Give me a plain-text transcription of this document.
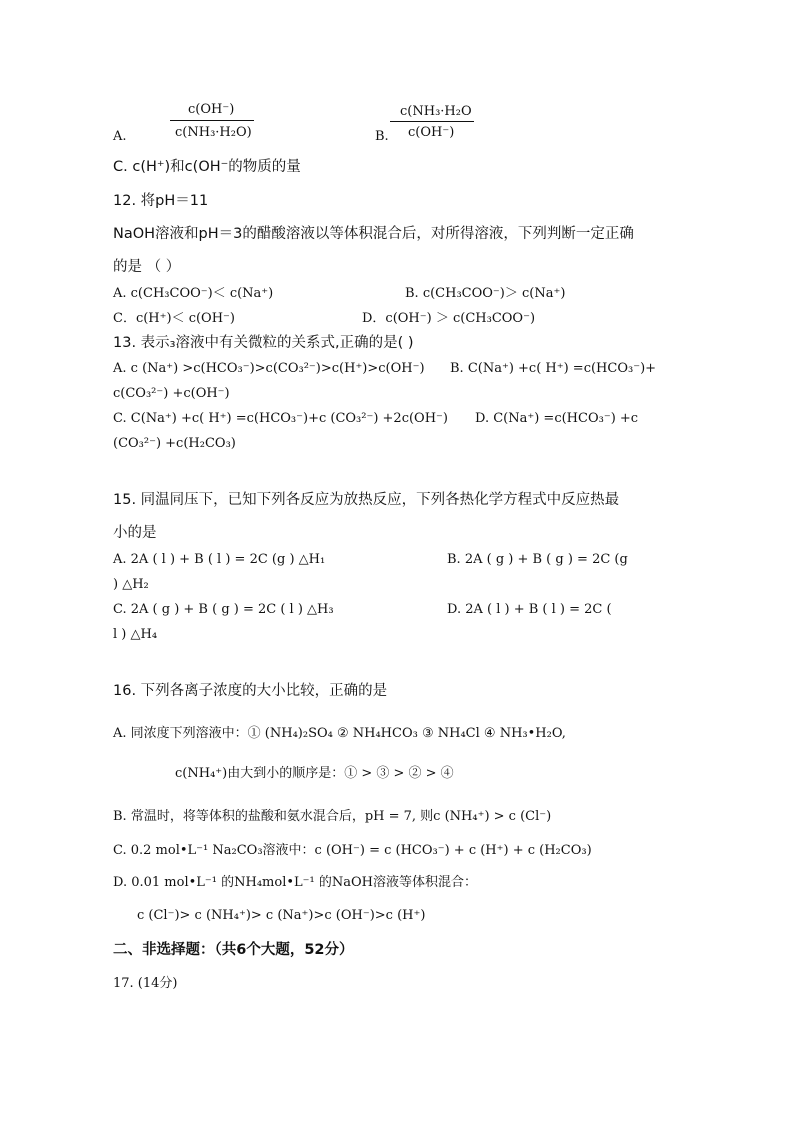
c(OH⁻)
A.	c(NH₃·H₂O)
c(NH₃·H₂O
B. c(OH⁻)
C. c(H⁺)和c(OH⁻的物质的量
12. 将pH＝11
NaOH溶液和pH＝3的醋酸溶液以等体积混合后，对所得溶液，下列判断一定正确
的是 （ ）
A. c(CH₃COO⁻)＜ c(Na⁺)	B. c(CH₃COO⁻)＞ c(Na⁺)
C．c(H⁺)＜ c(OH⁻)	D．c(OH⁻) ＞ c(CH₃COO⁻)
13. 表示₃溶液中有关微粒的关系式,正确的是( )
A. c (Na⁺) >c(HCO₃⁻)>c(CO₃²⁻)>c(H⁺)>c(OH⁻) B. C(Na⁺) +c( H⁺) =c(HCO₃⁻)+
c(CO₃²⁻) +c(OH⁻)
C. C(Na⁺) +c( H⁺) =c(HCO₃⁻)+c (CO₃²⁻) +2c(OH⁻) D. C(Na⁺) =c(HCO₃⁻) +c
(CO₃²⁻) +c(H₂CO₃)
15. 同温同压下，已知下列各反应为放热反应，下列各热化学方程式中反应热最
小的是
A. 2A ( l ) + B ( l ) = 2C (g ) △H₁	B. 2A ( g ) + B ( g ) = 2C (g
) △H₂
C. 2A ( g ) + B ( g ) = 2C ( l ) △H₃	D. 2A ( l ) + B ( l ) = 2C (
l ) △H₄
16. 下列各离子浓度的大小比较，正确的是
A. 同浓度下列溶液中：① (NH₄)₂SO₄ ② NH₄HCO₃ ③ NH₄Cl ④ NH₃•H₂O,
c(NH₄⁺)由大到小的顺序是：① > ③ > ② > ④
B. 常温时，将等体积的盐酸和氨水混合后，pH = 7, 则c (NH₄⁺) > c (Cl⁻)
C. 0.2 mol•L⁻¹ Na₂CO₃溶液中：c (OH⁻) = c (HCO₃⁻) + c (H⁺) + c (H₂CO₃)
D. 0.01 mol•L⁻¹ 的NH₄mol•L⁻¹ 的NaOH溶液等体积混合：
c (Cl⁻)> c (NH₄⁺)> c (Na⁺)>c (OH⁻)>c (H⁺)
二、非选择题：（共6个大题，52分）
17. (14分)
